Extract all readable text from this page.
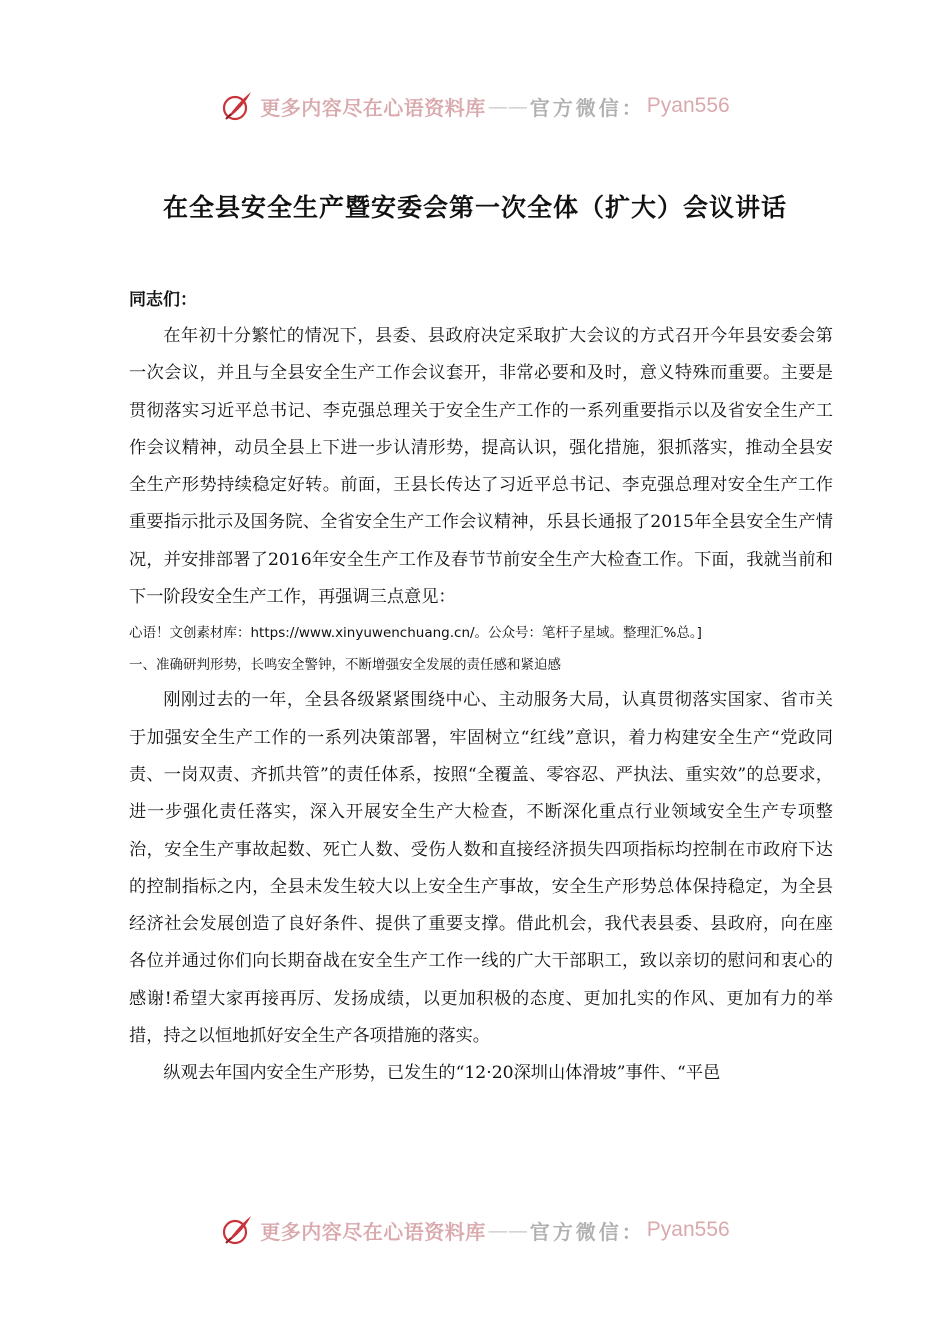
更多内容尽在心语资料库 —— 官方微信： Pyan556
在全县安全生产暨安委会第一次全体（扩大）会议讲话
同志们：

在年初十分繁忙的情况下，县委、县政府决定采取扩大会议的方式召开今年县安委会第一次会议，并且与全县安全生产工作会议套开，非常必要和及时，意义特殊而重要。主要是贯彻落实习近平总书记、李克强总理关于安全生产工作的一系列重要指示以及省安全生产工作会议精神，动员全县上下进一步认清形势，提高认识，强化措施，狠抓落实，推动全县安全生产形势持续稳定好转。前面，王县长传达了习近平总书记、李克强总理对安全生产工作重要指示批示及国务院、全省安全生产工作会议精神，乐县长通报了2015年全县安全生产情况，并安排部署了2016年安全生产工作及春节节前安全生产大检查工作。下面，我就当前和下一阶段安全生产工作，再强调三点意见：

心语！文创素材库：https://www.xinyuwenchuang.cn/。公众号：笔杆子星域。整理汇%总。]

一、准确研判形势，长鸣安全警钟，不断增强安全发展的责任感和紧迫感

刚刚过去的一年，全县各级紧紧围绕中心、主动服务大局，认真贯彻落实国家、省市关于加强安全生产工作的一系列决策部署，牢固树立“红线”意识，着力构建安全生产“党政同责、一岗双责、齐抓共管”的责任体系，按照“全覆盖、零容忍、严执法、重实效”的总要求，进一步强化责任落实，深入开展安全生产大检查，不断深化重点行业领域安全生产专项整治，安全生产事故起数、死亡人数、受伤人数和直接经济损失四项指标均控制在市政府下达的控制指标之内，全县未发生较大以上安全生产事故，安全生产形势总体保持稳定，为全县经济社会发展创造了良好条件、提供了重要支撑。借此机会，我代表县委、县政府，向在座各位并通过你们向长期奋战在安全生产工作一线的广大干部职工，致以亲切的慰问和衷心的感谢!希望大家再接再厉、发扬成绩，以更加积极的态度、更加扎实的作风、更加有力的举措，持之以恒地抓好安全生产各项措施的落实。

纵观去年国内安全生产形势，已发生的“12·20深圳山体滑坡”事件、“平邑

更多内容尽在心语资料库 —— 官方微信： Pyan556
